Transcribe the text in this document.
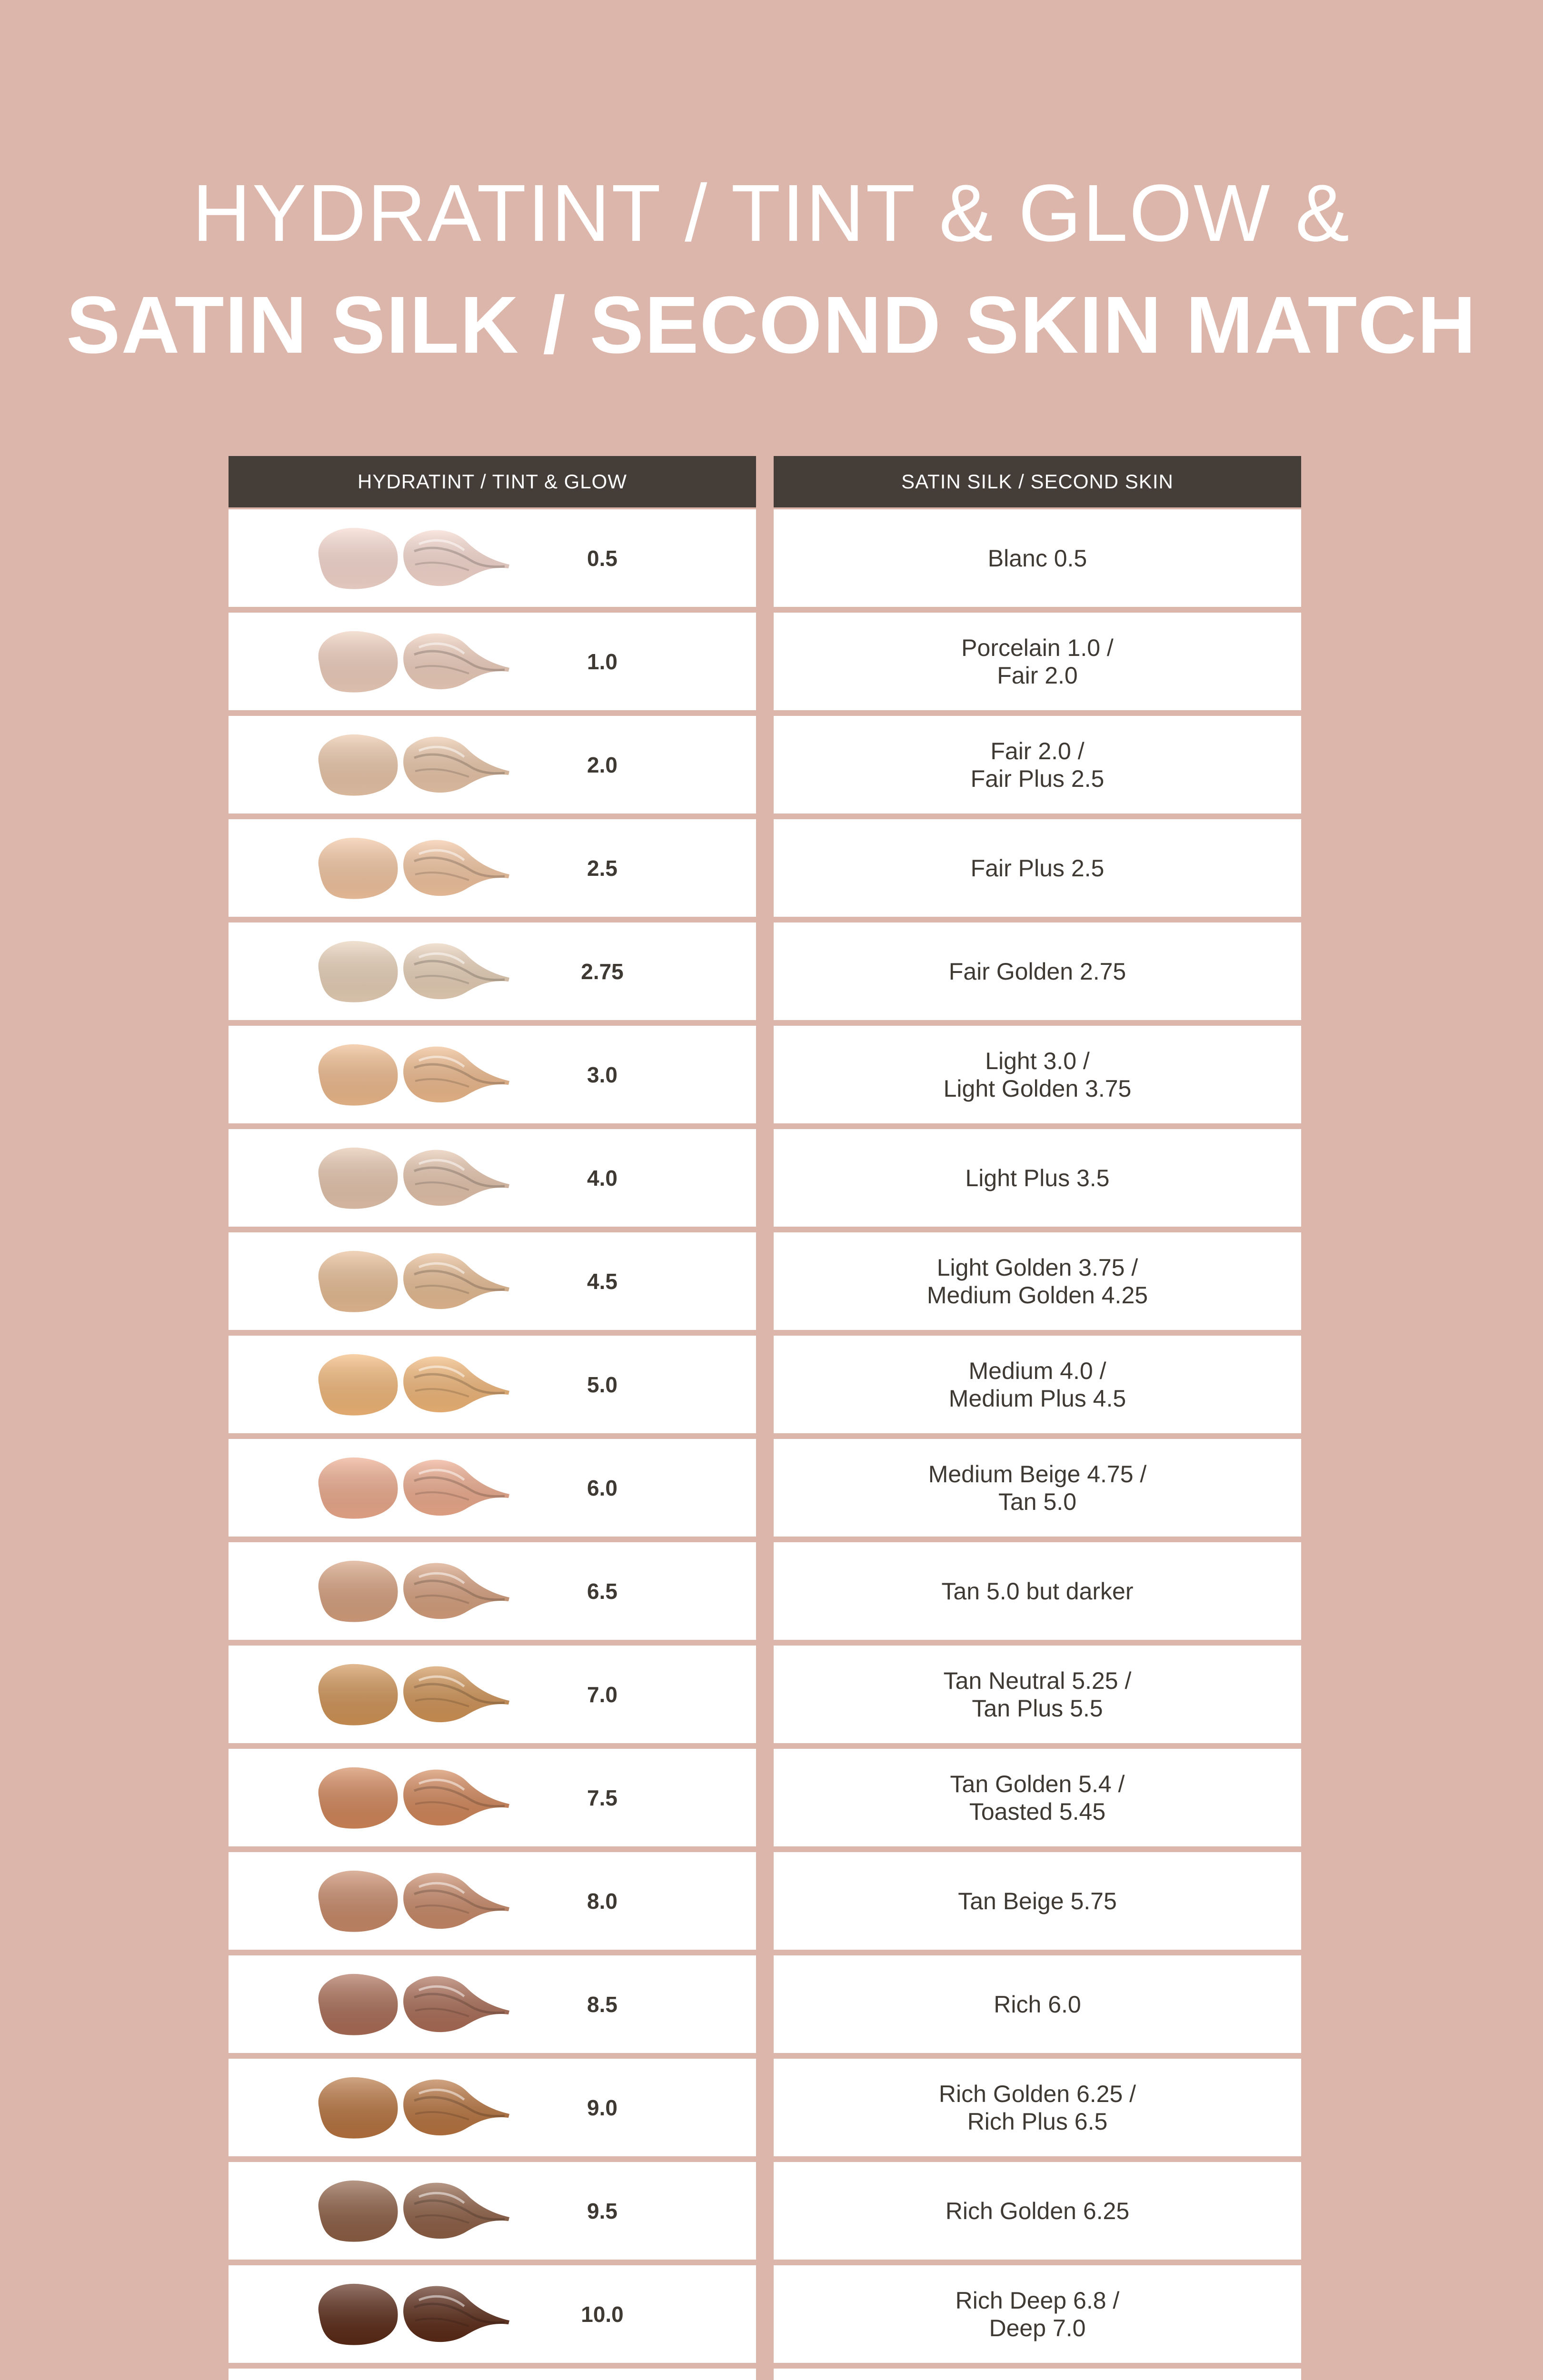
HYDRATINT / TINT & GLOW &
SATIN SILK / SECOND SKIN MATCH
HYDRATINT / TINT & GLOW
0.5
1.0
2.0
2.5
2.75
3.0
4.0
4.5
5.0
6.0
6.5
7.0
7.5
8.0
8.5
9.0
9.5
10.0
SATIN SILK / SECOND SKIN
Blanc 0.5
Porcelain 1.0 /
Fair 2.0
Fair 2.0 /
Fair Plus 2.5
Fair Plus 2.5
Fair Golden 2.75
Light 3.0 /
Light Golden 3.75
Light Plus 3.5
Light Golden 3.75 /
Medium Golden 4.25
Medium 4.0 /
Medium Plus 4.5
Medium Beige 4.75 /
Tan 5.0
Tan 5.0 but darker
Tan Neutral 5.25 /
Tan Plus 5.5
Tan Golden 5.4 /
Toasted 5.45
Tan Beige 5.75
Rich 6.0
Rich Golden 6.25 /
Rich Plus 6.5
Rich Golden 6.25
Rich Deep 6.8 /
Deep 7.0
